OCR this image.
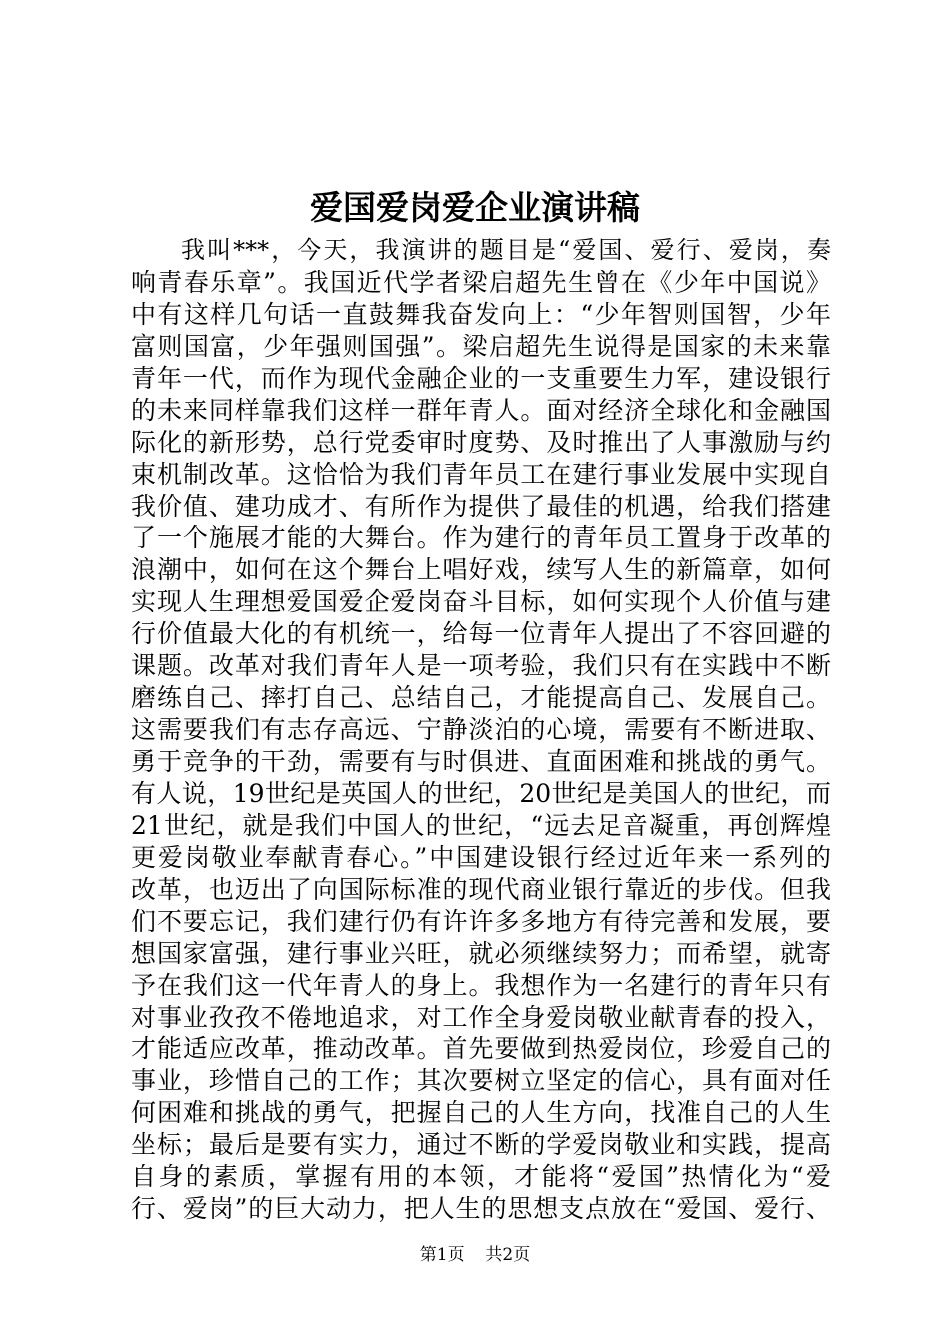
爱国爱岗爱企业演讲稿
我叫***，今天，我演讲的题目是“爱国、爱行、爱岗，奏
响青春乐章”。我国近代学者梁启超先生曾在《少年中国说》
中有这样几句话一直鼓舞我奋发向上：“少年智则国智，少年
富则国富，少年强则国强”。梁启超先生说得是国家的未来靠
青年一代，而作为现代金融企业的一支重要生力军，建设银行
的未来同样靠我们这样一群年青人。面对经济全球化和金融国
际化的新形势，总行党委审时度势、及时推出了人事激励与约
束机制改革。这恰恰为我们青年员工在建行事业发展中实现自
我价值、建功成才、有所作为提供了最佳的机遇，给我们搭建
了一个施展才能的大舞台。作为建行的青年员工置身于改革的
浪潮中，如何在这个舞台上唱好戏，续写人生的新篇章，如何
实现人生理想爱国爱企爱岗奋斗目标，如何实现个人价值与建
行价值最大化的有机统一，给每一位青年人提出了不容回避的
课题。改革对我们青年人是一项考验，我们只有在实践中不断
磨练自己、摔打自己、总结自己，才能提高自己、发展自己。
这需要我们有志存高远、宁静淡泊的心境，需要有不断进取、
勇于竞争的干劲，需要有与时俱进、直面困难和挑战的勇气。
有人说，19世纪是英国人的世纪，20世纪是美国人的世纪，而
21世纪，就是我们中国人的世纪，“远去足音凝重，再创辉煌
更爱岗敬业奉献青春心。”中国建设银行经过近年来一系列的
改革，也迈出了向国际标准的现代商业银行靠近的步伐。但我
们不要忘记，我们建行仍有许许多多地方有待完善和发展，要
想国家富强，建行事业兴旺，就必须继续努力；而希望，就寄
予在我们这一代年青人的身上。我想作为一名建行的青年只有
对事业孜孜不倦地追求，对工作全身爱岗敬业献青春的投入，
才能适应改革，推动改革。首先要做到热爱岗位，珍爱自己的
事业，珍惜自己的工作；其次要树立坚定的信心，具有面对任
何困难和挑战的勇气，把握自己的人生方向，找准自己的人生
坐标；最后是要有实力，通过不断的学爱岗敬业和实践，提高
自身的素质，掌握有用的本领，才能将“爱国”热情化为“爱
行、爱岗”的巨大动力，把人生的思想支点放在“爱国、爱行、
第1页 共2页
